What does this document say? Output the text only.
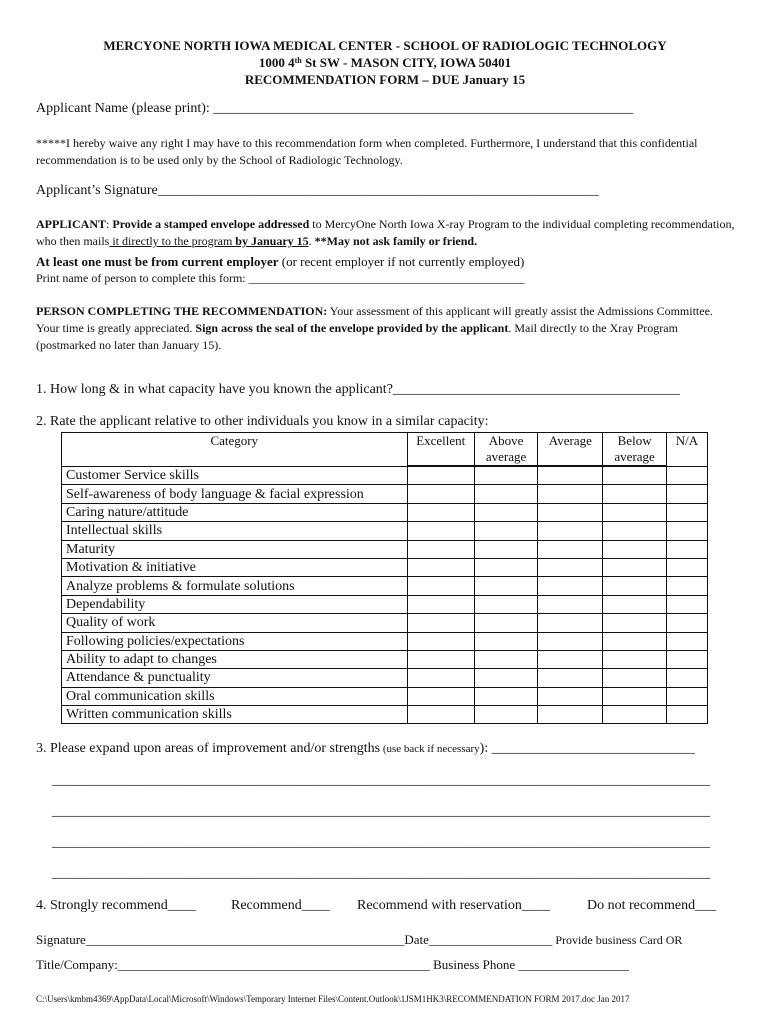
MERCYONE NORTH IOWA MEDICAL CENTER - SCHOOL OF RADIOLOGIC TECHNOLOGY
1000 4th St SW - MASON CITY, IOWA 50401
RECOMMENDATION FORM – DUE January 15
Applicant Name (please print): ____________________________________________________________
*****I hereby waive any right I may have to this recommendation form when completed. Furthermore, I understand that this confidential recommendation is to be used only by the School of Radiologic Technology.
Applicant’s Signature_______________________________________________________________
APPLICANT: Provide a stamped envelope addressed to MercyOne North Iowa X-ray Program to the individual completing recommendation, who then mails it directly to the program by January 15. **May not ask family or friend.
At least one must be from current employer (or recent employer if not currently employed)
Print name of person to complete this form: ______________________________________________
PERSON COMPLETING THE RECOMMENDATION: Your assessment of this applicant will greatly assist the Admissions Committee. Your time is greatly appreciated. Sign across the seal of the envelope provided by the applicant. Mail directly to the Xray Program (postmarked no later than January 15).
1. How long & in what capacity have you known the applicant?_________________________________________
2. Rate the applicant relative to other individuals you know in a similar capacity:
Category	Excellent	Above average	Average	Below average	N/A

Customer Service skills					
Self-awareness of body language & facial expression					
Caring nature/attitude					
Intellectual skills					
Maturity					
Motivation & initiative					
Analyze problems & formulate solutions					
Dependability					
Quality of work					
Following policies/expectations					
Ability to adapt to changes					
Attendance & punctuality					
Oral communication skills					
Written communication skills					
3. Please expand upon areas of improvement and/or strengths (use back if necessary): _____________________________
______________________________________________________________________________________________
______________________________________________________________________________________________
______________________________________________________________________________________________
______________________________________________________________________________________________
4. Strongly recommend____	Recommend____ Recommend with reservation____	Do not recommend___
Signature_________________________________________________Date___________________ Provide business Card OR
Title/Company:________________________________________________ Business Phone _________________
C:\Users\kmbm4369\AppData\Local\Microsoft\Windows\Temporary Internet Files\Content.Outlook\1JSM1HK3\RECOMMENDATION FORM 2017.doc Jan 2017
